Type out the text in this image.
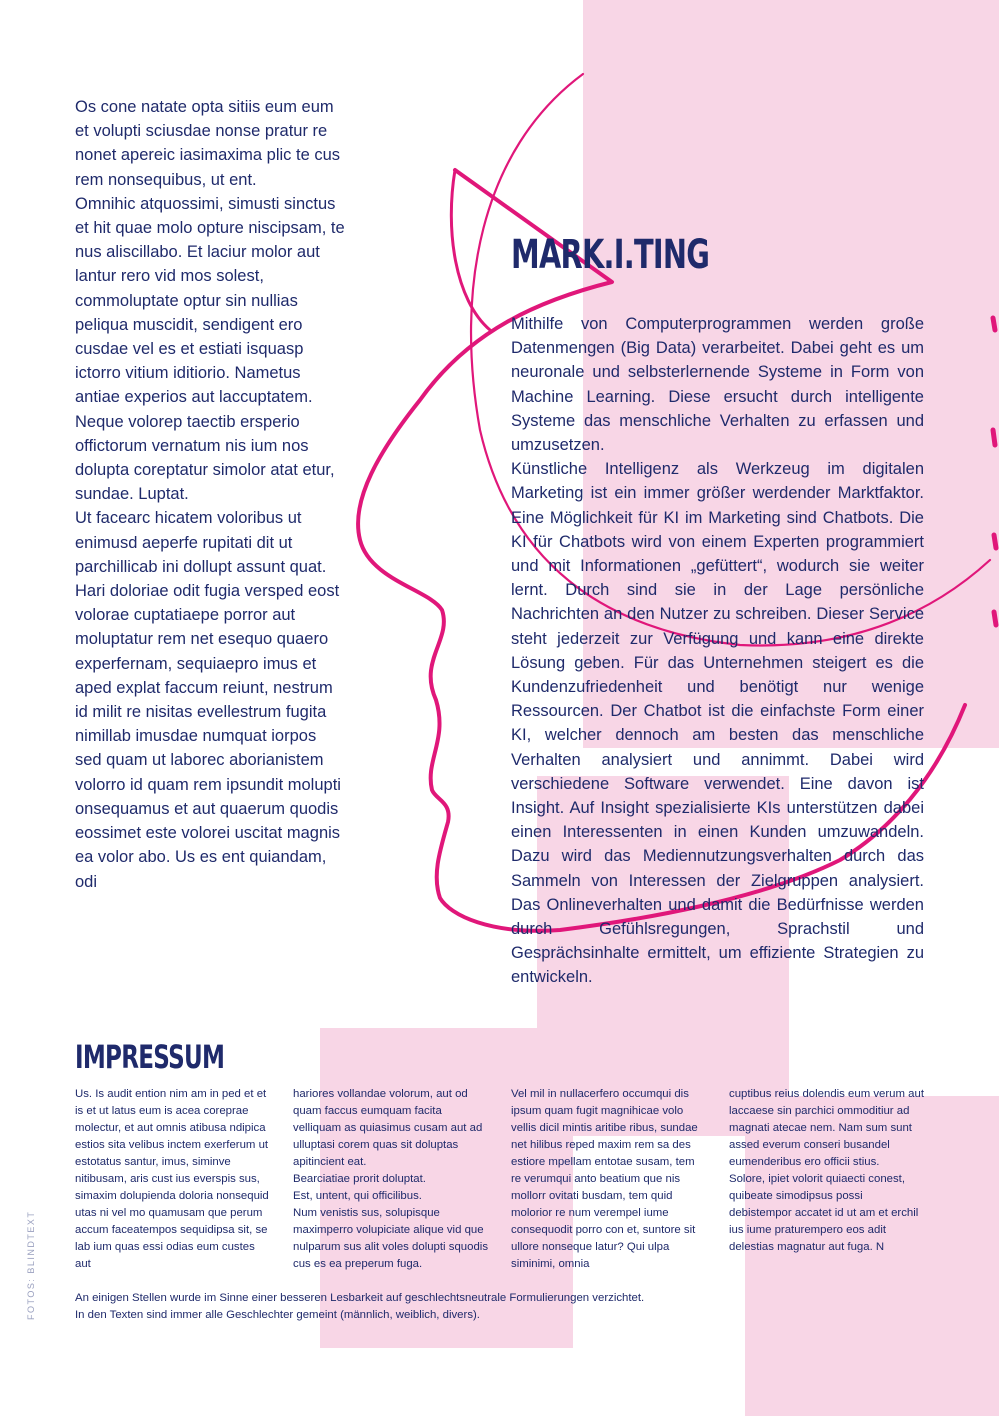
Os cone natate opta sitiis eum eum et volupti sciusdae nonse pratur re nonet apereic iasimaxima plic te cus rem nonsequibus, ut ent.

Omnihic atquossimi, simusti sinctus et hit quae molo opture niscipsam, te nus aliscillabo. Et laciur molor aut lantur rero vid mos solest, commoluptate optur sin nullias peliqua muscidit, sendigent ero cusdae vel es et estiati isquasp ictorro vitium iditiorio. Nametus antiae experios aut laccuptatem. Neque volorep taectib ersperio offictorum vernatum nis ium nos dolupta coreptatur simolor atat etur, sundae. Luptat.

Ut facearc hicatem voloribus ut enimusd aeperfe rupitati dit ut parchillicab ini dollupt assunt quat.

Hari doloriae odit fugia versped eost volorae cuptatiaepe porror aut moluptatur rem net esequo quaero experfernam, sequiaepro imus et aped explat faccum reiunt, nestrum id milit re nisitas evellestrum fugita nimillab imusdae numquat iorpos sed quam ut laborec aborianistem volorro id quam rem ipsundit molupti onsequamus et aut quaerum quodis eossimet este volorei uscitat magnis ea volor abo. Us es ent quiandam, odi

MARK.I.TING

Mithilfe von Computerprogrammen werden große Datenmengen (Big Data) verarbeitet. Dabei geht es um neuronale und selbsterlernende Systeme in Form von Machine Learning. Diese ersucht durch intelligente Systeme das menschliche Verhalten zu erfassen und umzusetzen.

Künstliche Intelligenz als Werkzeug im digitalen Marketing ist ein immer größer werdender Marktfaktor. Eine Möglichkeit für KI im Marketing sind Chatbots. Die KI für Chatbots wird von einem Experten programmiert und mit Informationen „gefüttert“, wodurch sie weiter lernt. Durch sind sie in der Lage persönliche Nachrichten an den Nutzer zu schreiben. Dieser Service steht jederzeit zur Verfügung und kann eine direkte Lösung geben. Für das Unternehmen steigert es die Kundenzufriedenheit und benötigt nur wenige Ressourcen. Der Chatbot ist die einfachste Form einer KI, welcher dennoch am besten das menschliche Verhalten analysiert und annimmt. Dabei wird verschiedene Software verwendet. Eine davon ist Insight. Auf Insight spezialisierte KIs unterstützen dabei einen Interessenten in einen Kunden umzuwandeln. Dazu wird das Mediennutzungsverhalten durch das Sammeln von Interessen der Zielgruppen analysiert. Das Onlineverhalten und damit die Bedürfnisse werden durch Gefühlsregungen, Sprachstil und Gesprächsinhalte ermittelt, um effiziente Strategien zu entwickeln.

IMPRESSUM

Us. Is audit ention nim am in ped et et is et ut latus eum is acea coreprae molectur, et aut omnis atibusa ndipica estios sita velibus inctem exerferum ut estotatus santur, imus, siminve nitibusam, aris cust ius everspis sus, simaxim dolupienda doloria nonsequid utas ni vel mo quamusam que perum accum faceatempos sequidipsa sit, se lab ium quas essi odias eum custes aut

hariores vollandae volorum, aut od quam faccus eumquam facita velliquam as quiasimus cusam aut ad ulluptasi corem quas sit doluptas apitincient eat.

Bearciatiae prorit doluptat.

Est, untent, qui officilibus.

Num venistis sus, solupisque maximperro volupiciate alique vid que nulparum sus alit voles dolupti squodis cus es ea preperum fuga.

Vel mil in nullacerfero occumqui dis ipsum quam fugit magnihicae volo vellis dicil mintis aritibe ribus, sundae net hilibus reped maxim rem sa des estiore mpellam entotae susam, tem re verumqui anto beatium que nis mollorr ovitati busdam, tem quid molorior re num verempel iume consequodit porro con et, suntore sit ullore nonseque latur? Qui ulpa siminimi, omnia

cuptibus reius dolendis eum verum aut laccaese sin parchici ommoditiur ad magnati atecae nem. Nam sum sunt assed everum conseri busandel eumenderibus ero officii stius.

Solore, ipiet volorit quiaecti conest, quibeate simodipsus possi debistempor accatet id ut am et erchil ius iume praturempero eos adit delestias magnatur aut fuga. N

An einigen Stellen wurde im Sinne einer besseren Lesbarkeit auf geschlechtsneutrale Formulierungen verzichtet.

In den Texten sind immer alle Geschlechter gemeint (männlich, weiblich, divers).

FOTOS: BLINDTEXT
